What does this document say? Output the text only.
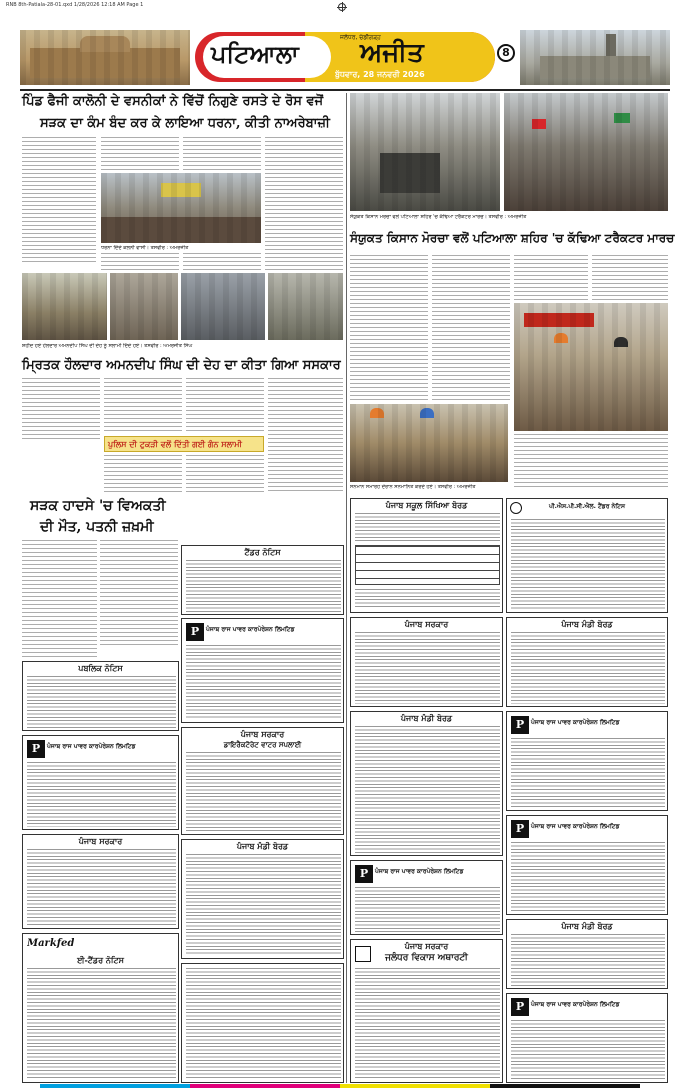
RNB 8th-Patiala-28-01.qxd 1/28/2026 12:18 AM Page 1
ਪਟਿਆਲਾ
ਜਲੰਧਰ, ਚੰਡੀਗੜ੍ਹ
ਅਜੀਤ
ਬੁੱਧਵਾਰ, 28 ਜਨਵਰੀ 2026
8
ਪਿੰਡ ਫੈਜੀ ਕਾਲੋਨੀ ਦੇ ਵਸਨੀਕਾਂ ਨੇ ਵਿੱਚੋਂ ਨਿਗੁਣੇ ਰਸਤੇ ਦੇ ਰੋਸ ਵਜੋਂ
ਸੜਕ ਦਾ ਕੰਮ ਬੰਦ ਕਰ ਕੇ ਲਾਇਆ ਧਰਨਾ, ਕੀਤੀ ਨਾਅਰੇਬਾਜ਼ੀ
ਧਰਨਾ ਦਿੰਦੇ ਕਲੋਨੀ ਵਾਸੀ। ਤਸਵੀਰ : ਅਮਰਜੀਤ
ਸ਼ਹੀਦ ਹੋਏ ਹੌਲਦਾਰ ਅਮਨਦੀਪ ਸਿੰਘ ਦੀ ਦੇਹ ਨੂੰ ਸਲਾਮੀ ਦਿੰਦੇ ਹੋਏ। ਤਸਵੀਰ : ਅਮਰਜੀਤ ਸਿੰਘ
ਮ੍ਰਿਤਕ ਹੌਲਦਾਰ ਅਮਨਦੀਪ ਸਿੰਘ ਦੀ ਦੇਹ ਦਾ ਕੀਤਾ ਗਿਆ ਸਸਕਾਰ
ਪੁਲਿਸ ਦੀ ਟੁਕੜੀ ਵਲੋਂ ਦਿੱਤੀ ਗਈ ਗੰਨ ਸਲਾਮੀ
ਸੜਕ ਹਾਦਸੇ 'ਚ ਵਿਅਕਤੀ
ਦੀ ਮੌਤ, ਪਤਨੀ ਜ਼ਖ਼ਮੀ
ਸੰਯੁਕਤ ਕਿਸਾਨ ਮੋਰਚਾ ਵਲੋਂ ਪਟਿਆਲਾ ਸ਼ਹਿਰ 'ਚ ਕੱਢਿਆ ਟਰੈਕਟਰ ਮਾਰਚ। ਤਸਵੀਰ : ਅਮਰਜੀਤ
ਸੰਯੁਕਤ ਕਿਸਾਨ ਮੋਰਚਾ ਵਲੋਂ ਪਟਿਆਲਾ ਸ਼ਹਿਰ 'ਚ ਕੱਢਿਆ ਟਰੈਕਟਰ ਮਾਰਚ
ਸਨਮਾਨ ਸਮਾਰੋਹ ਦੌਰਾਨ ਸਨਮਾਨਿਤ ਕਰਦੇ ਹੋਏ। ਤਸਵੀਰ : ਅਮਰਜੀਤ
ਪੰਜਾਬ ਸਕੂਲ ਸਿੱਖਿਆ ਬੋਰਡ	ਪੀ.ਐਸ.ਪੀ.ਸੀ.ਐਲ. ਟੈਂਡਰ ਨੋਟਿਸ
ਪਬਲਿਕ ਨੋਟਿਸ
P	ਪੰਜਾਬ ਰਾਜ ਪਾਵਰ ਕਾਰਪੋਰੇਸ਼ਨ ਲਿਮਟਿਡ
ਪੰਜਾਬ ਸਰਕਾਰ
Markfed
ਈ-ਟੈਂਡਰ ਨੋਟਿਸ
ਟੈਂਡਰ ਨੋਟਿਸ
P	ਪੰਜਾਬ ਰਾਜ ਪਾਵਰ ਕਾਰਪੋਰੇਸ਼ਨ ਲਿਮਟਿਡ
ਪੰਜਾਬ ਸਰਕਾਰ
ਡਾਇਰੈਕਟੋਰੇਟ ਵਾਟਰ ਸਪਲਾਈ
ਪੰਜਾਬ ਮੰਡੀ ਬੋਰਡ
ਪੰਜਾਬ ਸਰਕਾਰ
ਪੰਜਾਬ ਮੰਡੀ ਬੋਰਡ
P	ਪੰਜਾਬ ਰਾਜ ਪਾਵਰ ਕਾਰਪੋਰੇਸ਼ਨ ਲਿਮਟਿਡ
ਪੰਜਾਬ ਸਰਕਾਰ
ਜਲੰਧਰ ਵਿਕਾਸ ਅਥਾਰਟੀ
ਪੰਜਾਬ ਮੰਡੀ ਬੋਰਡ
P	ਪੰਜਾਬ ਰਾਜ ਪਾਵਰ ਕਾਰਪੋਰੇਸ਼ਨ ਲਿਮਟਿਡ
P	ਪੰਜਾਬ ਰਾਜ ਪਾਵਰ ਕਾਰਪੋਰੇਸ਼ਨ ਲਿਮਟਿਡ
ਪੰਜਾਬ ਮੰਡੀ ਬੋਰਡ
P	ਪੰਜਾਬ ਰਾਜ ਪਾਵਰ ਕਾਰਪੋਰੇਸ਼ਨ ਲਿਮਟਿਡ
